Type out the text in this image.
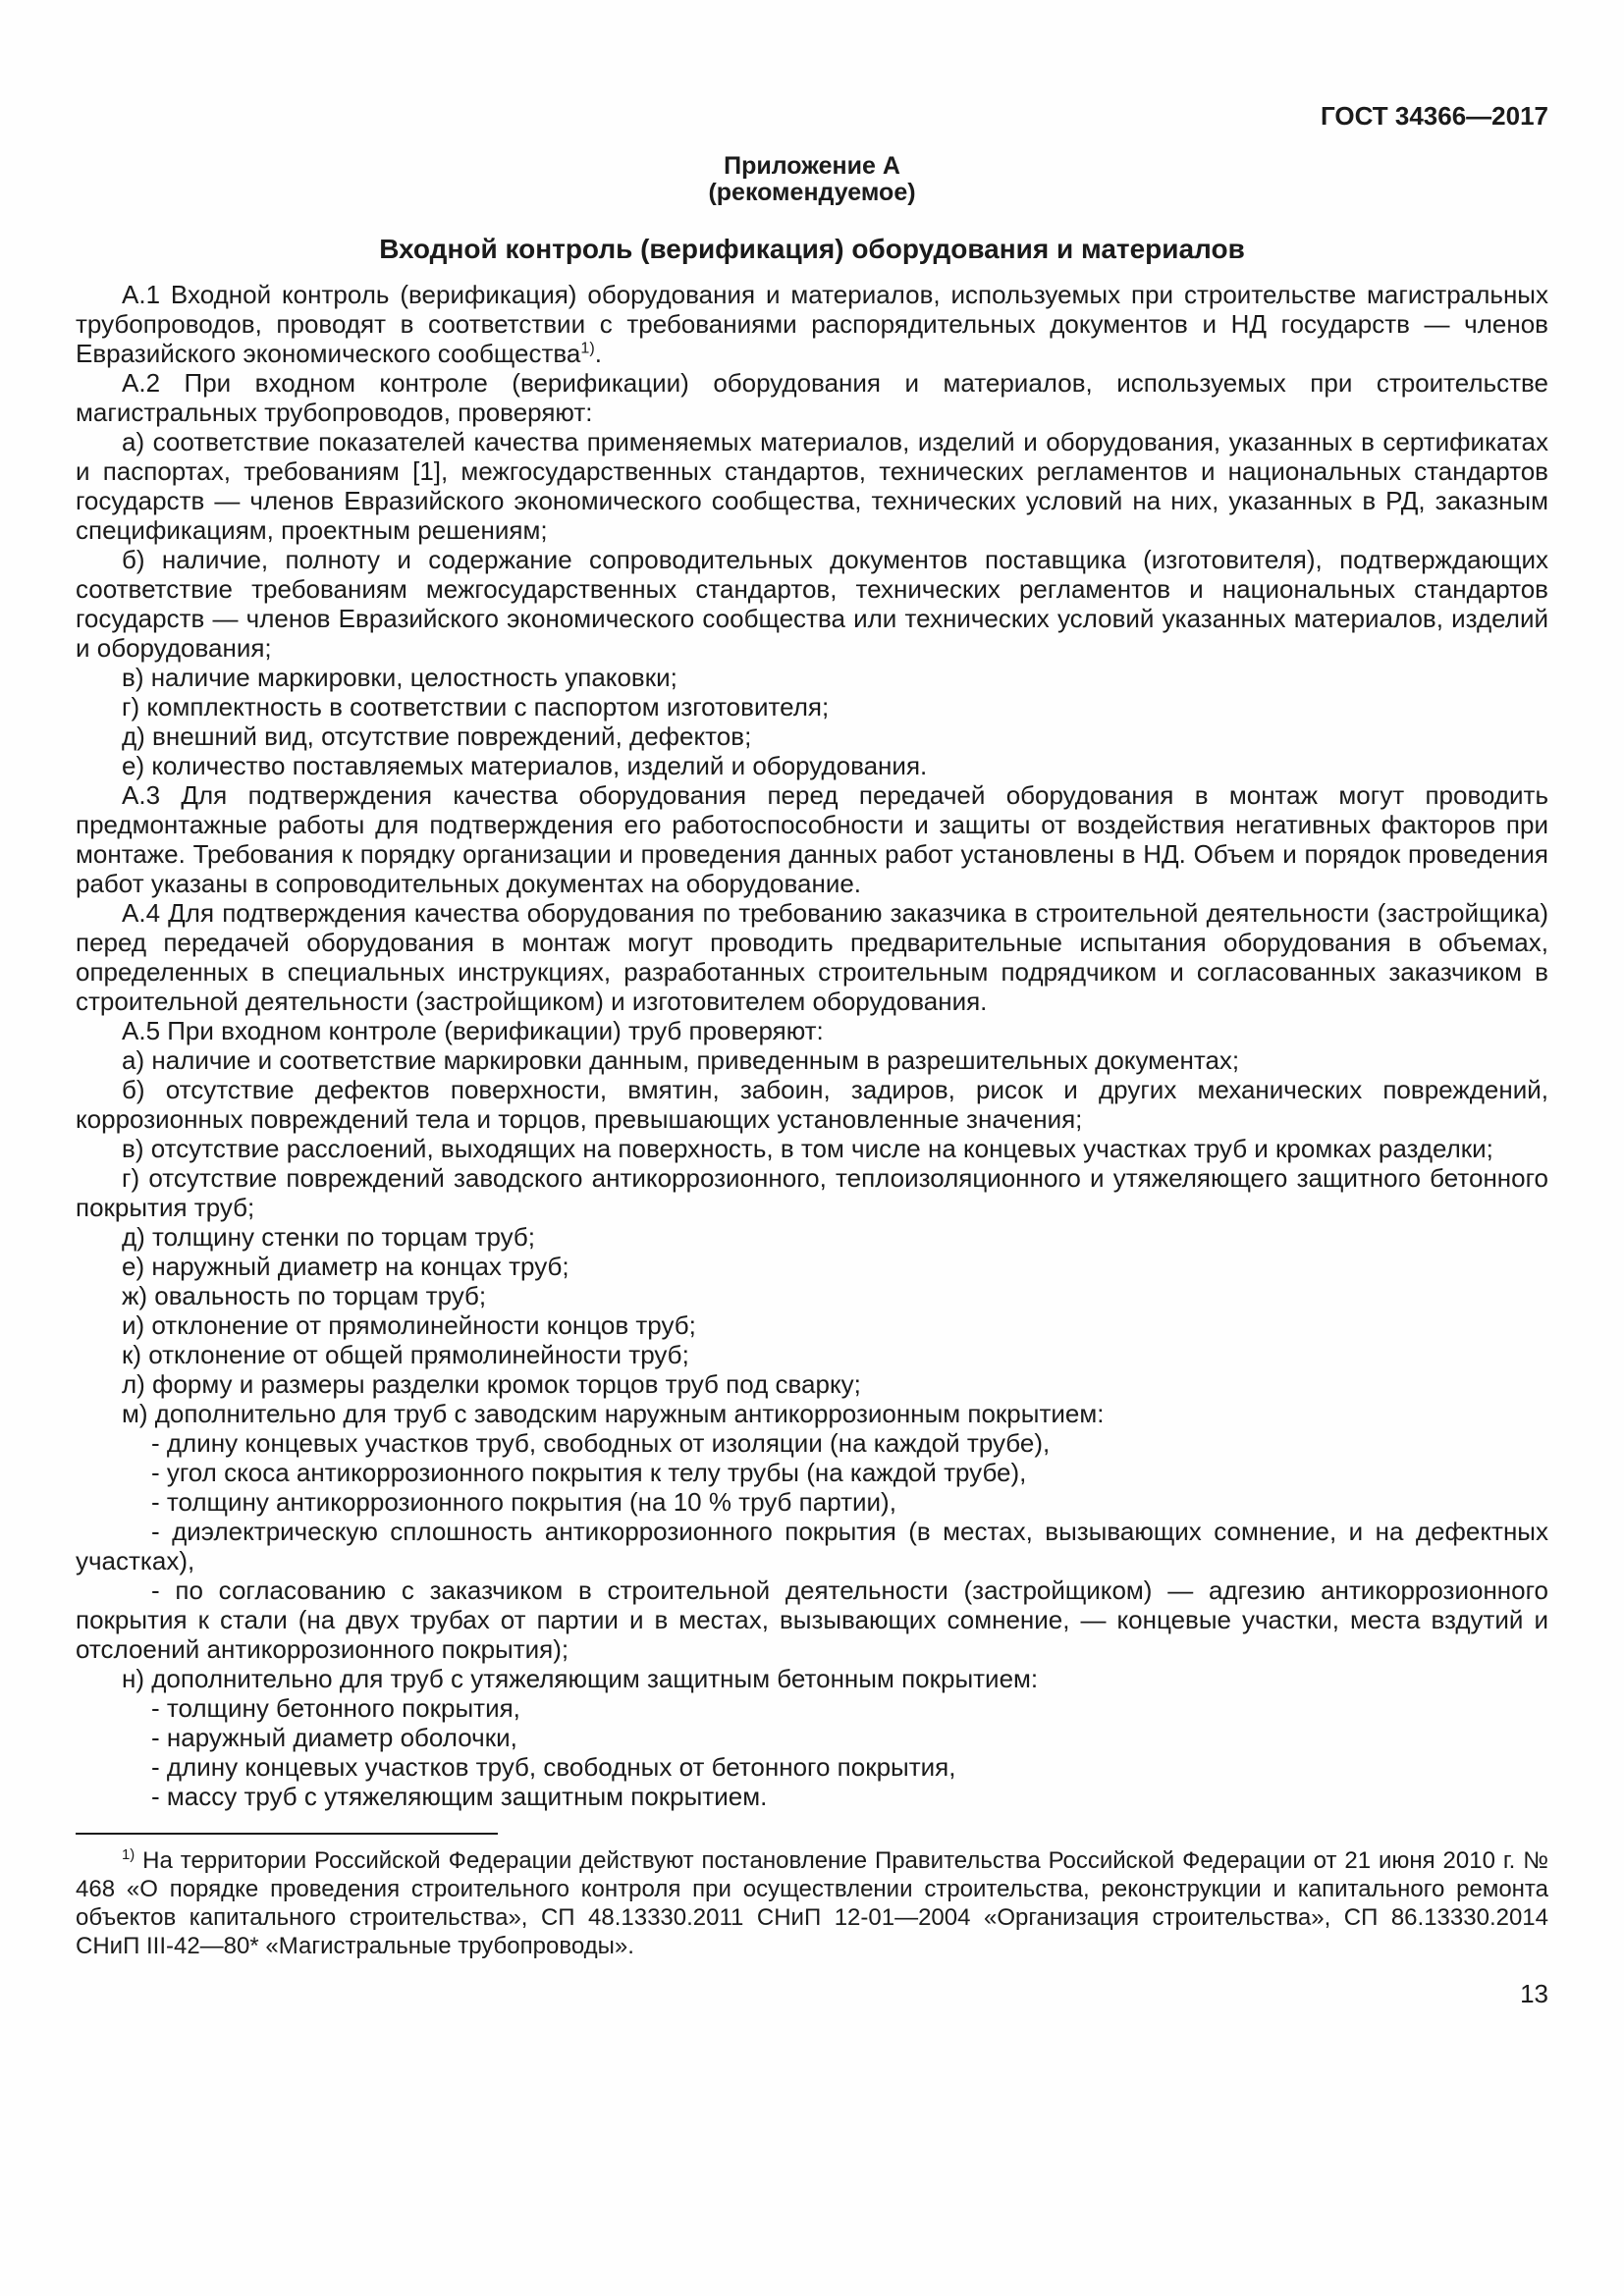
ГОСТ 34366—2017
Приложение А
(рекомендуемое)
Входной контроль (верификация) оборудования и материалов

А.1 Входной контроль (верификация) оборудования и материалов, используемых при строительстве магистральных трубопроводов, проводят в соответствии с требованиями распорядительных документов и НД государств — членов Евразийского экономического сообщества$^{1)}$.

А.2 При входном контроле (верификации) оборудования и материалов, используемых при строительстве магистральных трубопроводов, проверяют:

а) соответствие показателей качества применяемых материалов, изделий и оборудования, указанных в сертификатах и паспортах, требованиям [1], межгосударственных стандартов, технических регламентов и национальных стандартов государств — членов Евразийского экономического сообщества, технических условий на них, указанных в РД, заказным спецификациям, проектным решениям;

б) наличие, полноту и содержание сопроводительных документов поставщика (изготовителя), подтверждающих соответствие требованиям межгосударственных стандартов, технических регламентов и национальных стандартов государств — членов Евразийского экономического сообщества или технических условий указанных материалов, изделий и оборудования;

в) наличие маркировки, целостность упаковки;

г) комплектность в соответствии с паспортом изготовителя;

д) внешний вид, отсутствие повреждений, дефектов;

е) количество поставляемых материалов, изделий и оборудования.

А.3 Для подтверждения качества оборудования перед передачей оборудования в монтаж могут проводить предмонтажные работы для подтверждения его работоспособности и защиты от воздействия негативных факторов при монтаже. Требования к порядку организации и проведения данных работ установлены в НД. Объем и порядок проведения работ указаны в сопроводительных документах на оборудование.

А.4 Для подтверждения качества оборудования по требованию заказчика в строительной деятельности (застройщика) перед передачей оборудования в монтаж могут проводить предварительные испытания оборудования в объемах, определенных в специальных инструкциях, разработанных строительным подрядчиком и согласованных заказчиком в строительной деятельности (застройщиком) и изготовителем оборудования.

А.5 При входном контроле (верификации) труб проверяют:

а) наличие и соответствие маркировки данным, приведенным в разрешительных документах;

б) отсутствие дефектов поверхности, вмятин, забоин, задиров, рисок и других механических повреждений, коррозионных повреждений тела и торцов, превышающих установленные значения;

в) отсутствие расслоений, выходящих на поверхность, в том числе на концевых участках труб и кромках разделки;

г) отсутствие повреждений заводского антикоррозионного, теплоизоляционного и утяжеляющего защитного бетонного покрытия труб;

д) толщину стенки по торцам труб;

е) наружный диаметр на концах труб;

ж) овальность по торцам труб;

и) отклонение от прямолинейности концов труб;

к) отклонение от общей прямолинейности труб;

л) форму и размеры разделки кромок торцов труб под сварку;

м) дополнительно для труб с заводским наружным антикоррозионным покрытием:

- длину концевых участков труб, свободных от изоляции (на каждой трубе),

- угол скоса антикоррозионного покрытия к телу трубы (на каждой трубе),

- толщину антикоррозионного покрытия (на 10 % труб партии),

- диэлектрическую сплошность антикоррозионного покрытия (в местах, вызывающих сомнение, и на дефектных участках),

- по согласованию с заказчиком в строительной деятельности (застройщиком) — адгезию антикоррозионного покрытия к стали (на двух трубах от партии и в местах, вызывающих сомнение, — концевые участки, места вздутий и отслоений антикоррозионного покрытия);

н) дополнительно для труб с утяжеляющим защитным бетонным покрытием:

- толщину бетонного покрытия,

- наружный диаметр оболочки,

- длину концевых участков труб, свободных от бетонного покрытия,

- массу труб с утяжеляющим защитным покрытием.

$^{1)}$ На территории Российской Федерации действуют постановление Правительства Российской Федерации от 21 июня 2010 г. № 468 «О порядке проведения строительного контроля при осуществлении строительства, реконструкции и капитального ремонта объектов капитального строительства», СП 48.13330.2011 СНиП 12-01—2004 «Организация строительства», СП 86.13330.2014 СНиП III-42—80* «Магистральные трубопроводы».

13
